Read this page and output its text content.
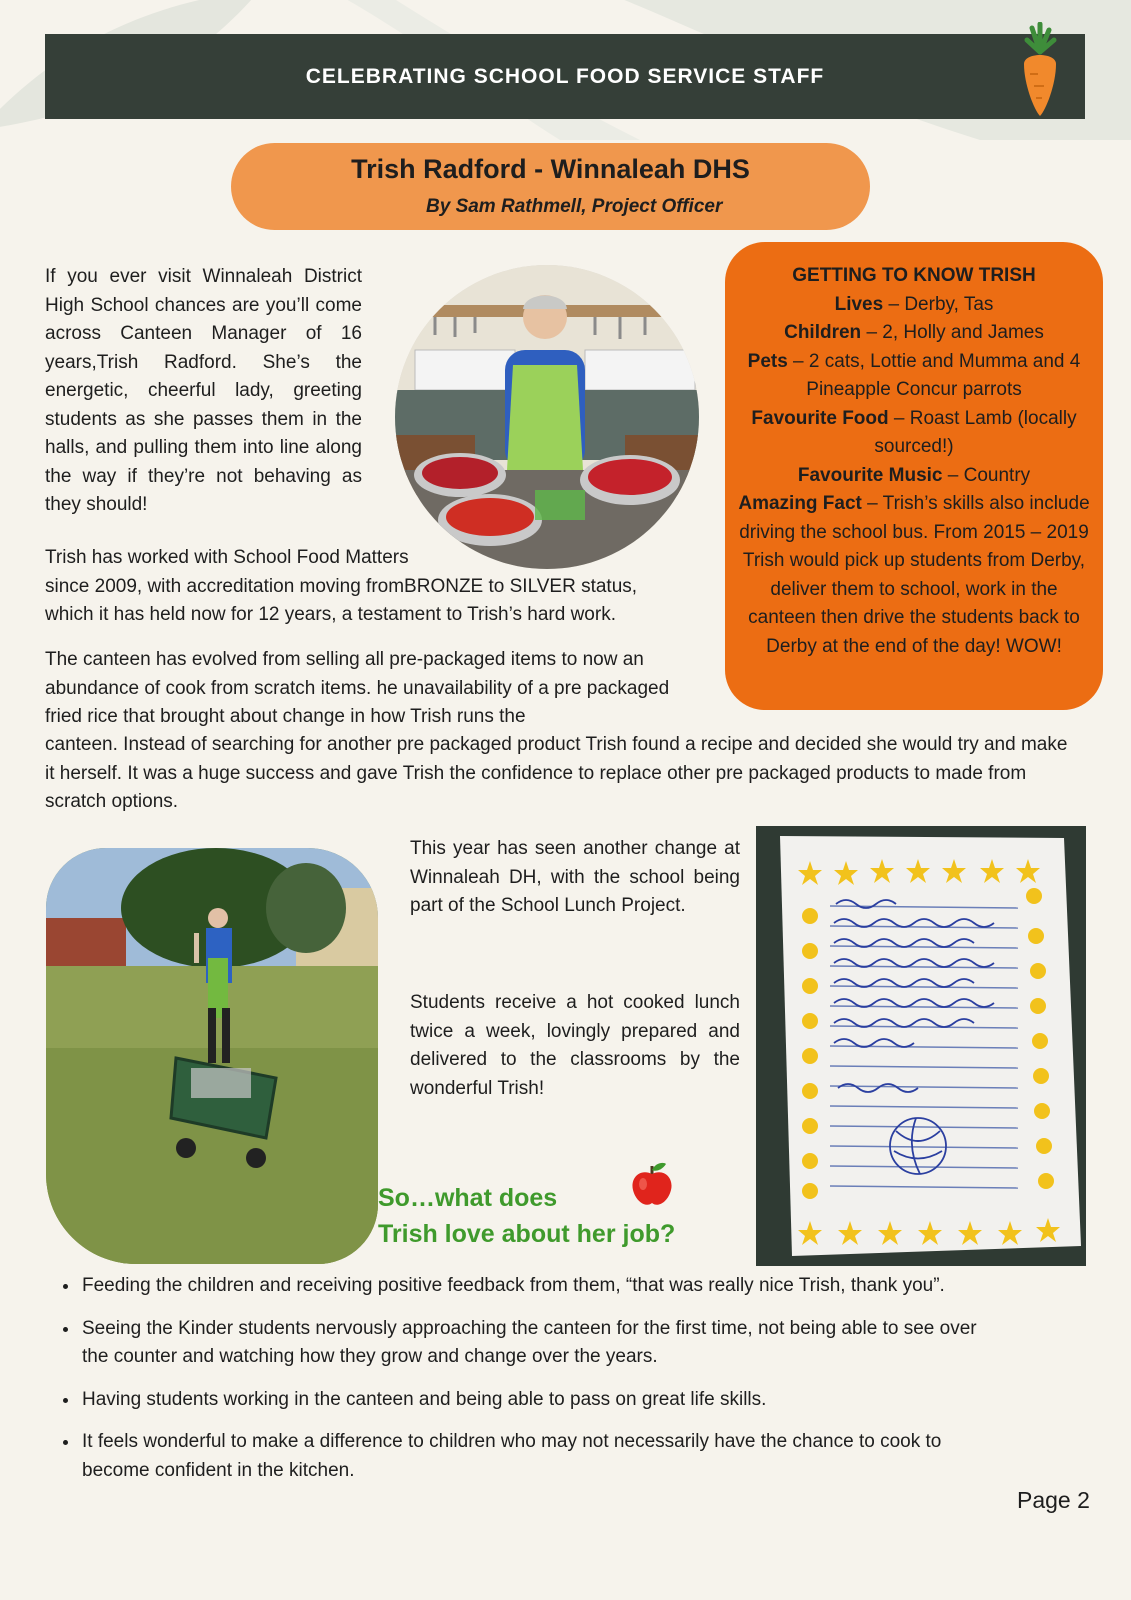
CELEBRATING SCHOOL FOOD SERVICE STAFF
Trish Radford - Winnaleah DHS
By Sam Rathmell, Project Officer
If you ever visit Winnaleah District High School chances are you’ll come across Canteen Manager of 16 years,Trish Radford. She’s the energetic, cheerful lady, greeting students as she passes them in the halls, and pulling them into line along the way if they’re not behaving as they should!
Trish has worked with School Food Matters
since 2009, with accreditation moving fromBRONZE to SILVER status,
which it has held now for 12 years, a testament to Trish’s hard work.
The canteen has evolved from selling all pre-packaged items to now an abundance of cook from scratch items. he unavailability of a pre packaged fried rice that brought about change in how Trish runs the
canteen. Instead of searching for another pre packaged product Trish found a recipe and decided she would try and make it herself. It was a huge success and gave Trish the confidence to replace other pre packaged products to made from scratch options.
GETTING TO KNOW TRISH
Lives – Derby, Tas
Children – 2, Holly and James
Pets – 2 cats, Lottie and Mumma and 4 Pineapple Concur parrots
Favourite Food – Roast Lamb (locally sourced!)
Favourite Music – Country
Amazing Fact – Trish’s skills also include driving the school bus. From 2015 – 2019 Trish would pick up students from Derby, deliver them to school, work in the canteen then drive the students back to Derby at the end of the day! WOW!
This year has seen another change at Winnaleah DH, with the school being part of the School Lunch Project.
Students receive a hot cooked lunch twice a week, lovingly prepared and delivered to the classrooms by the wonderful Trish!
So…what does
Trish love about her job?
• Feeding the children and receiving positive feedback from them, “that was really nice Trish, thank you”.
• Seeing the Kinder students nervously approaching the canteen for the first time, not being able to see over the counter and watching how they grow and change over the years.
• Having students working in the canteen and being able to pass on great life skills.
• It feels wonderful to make a difference to children who may not necessarily have the chance to cook to become confident in the kitchen.
Page 2
